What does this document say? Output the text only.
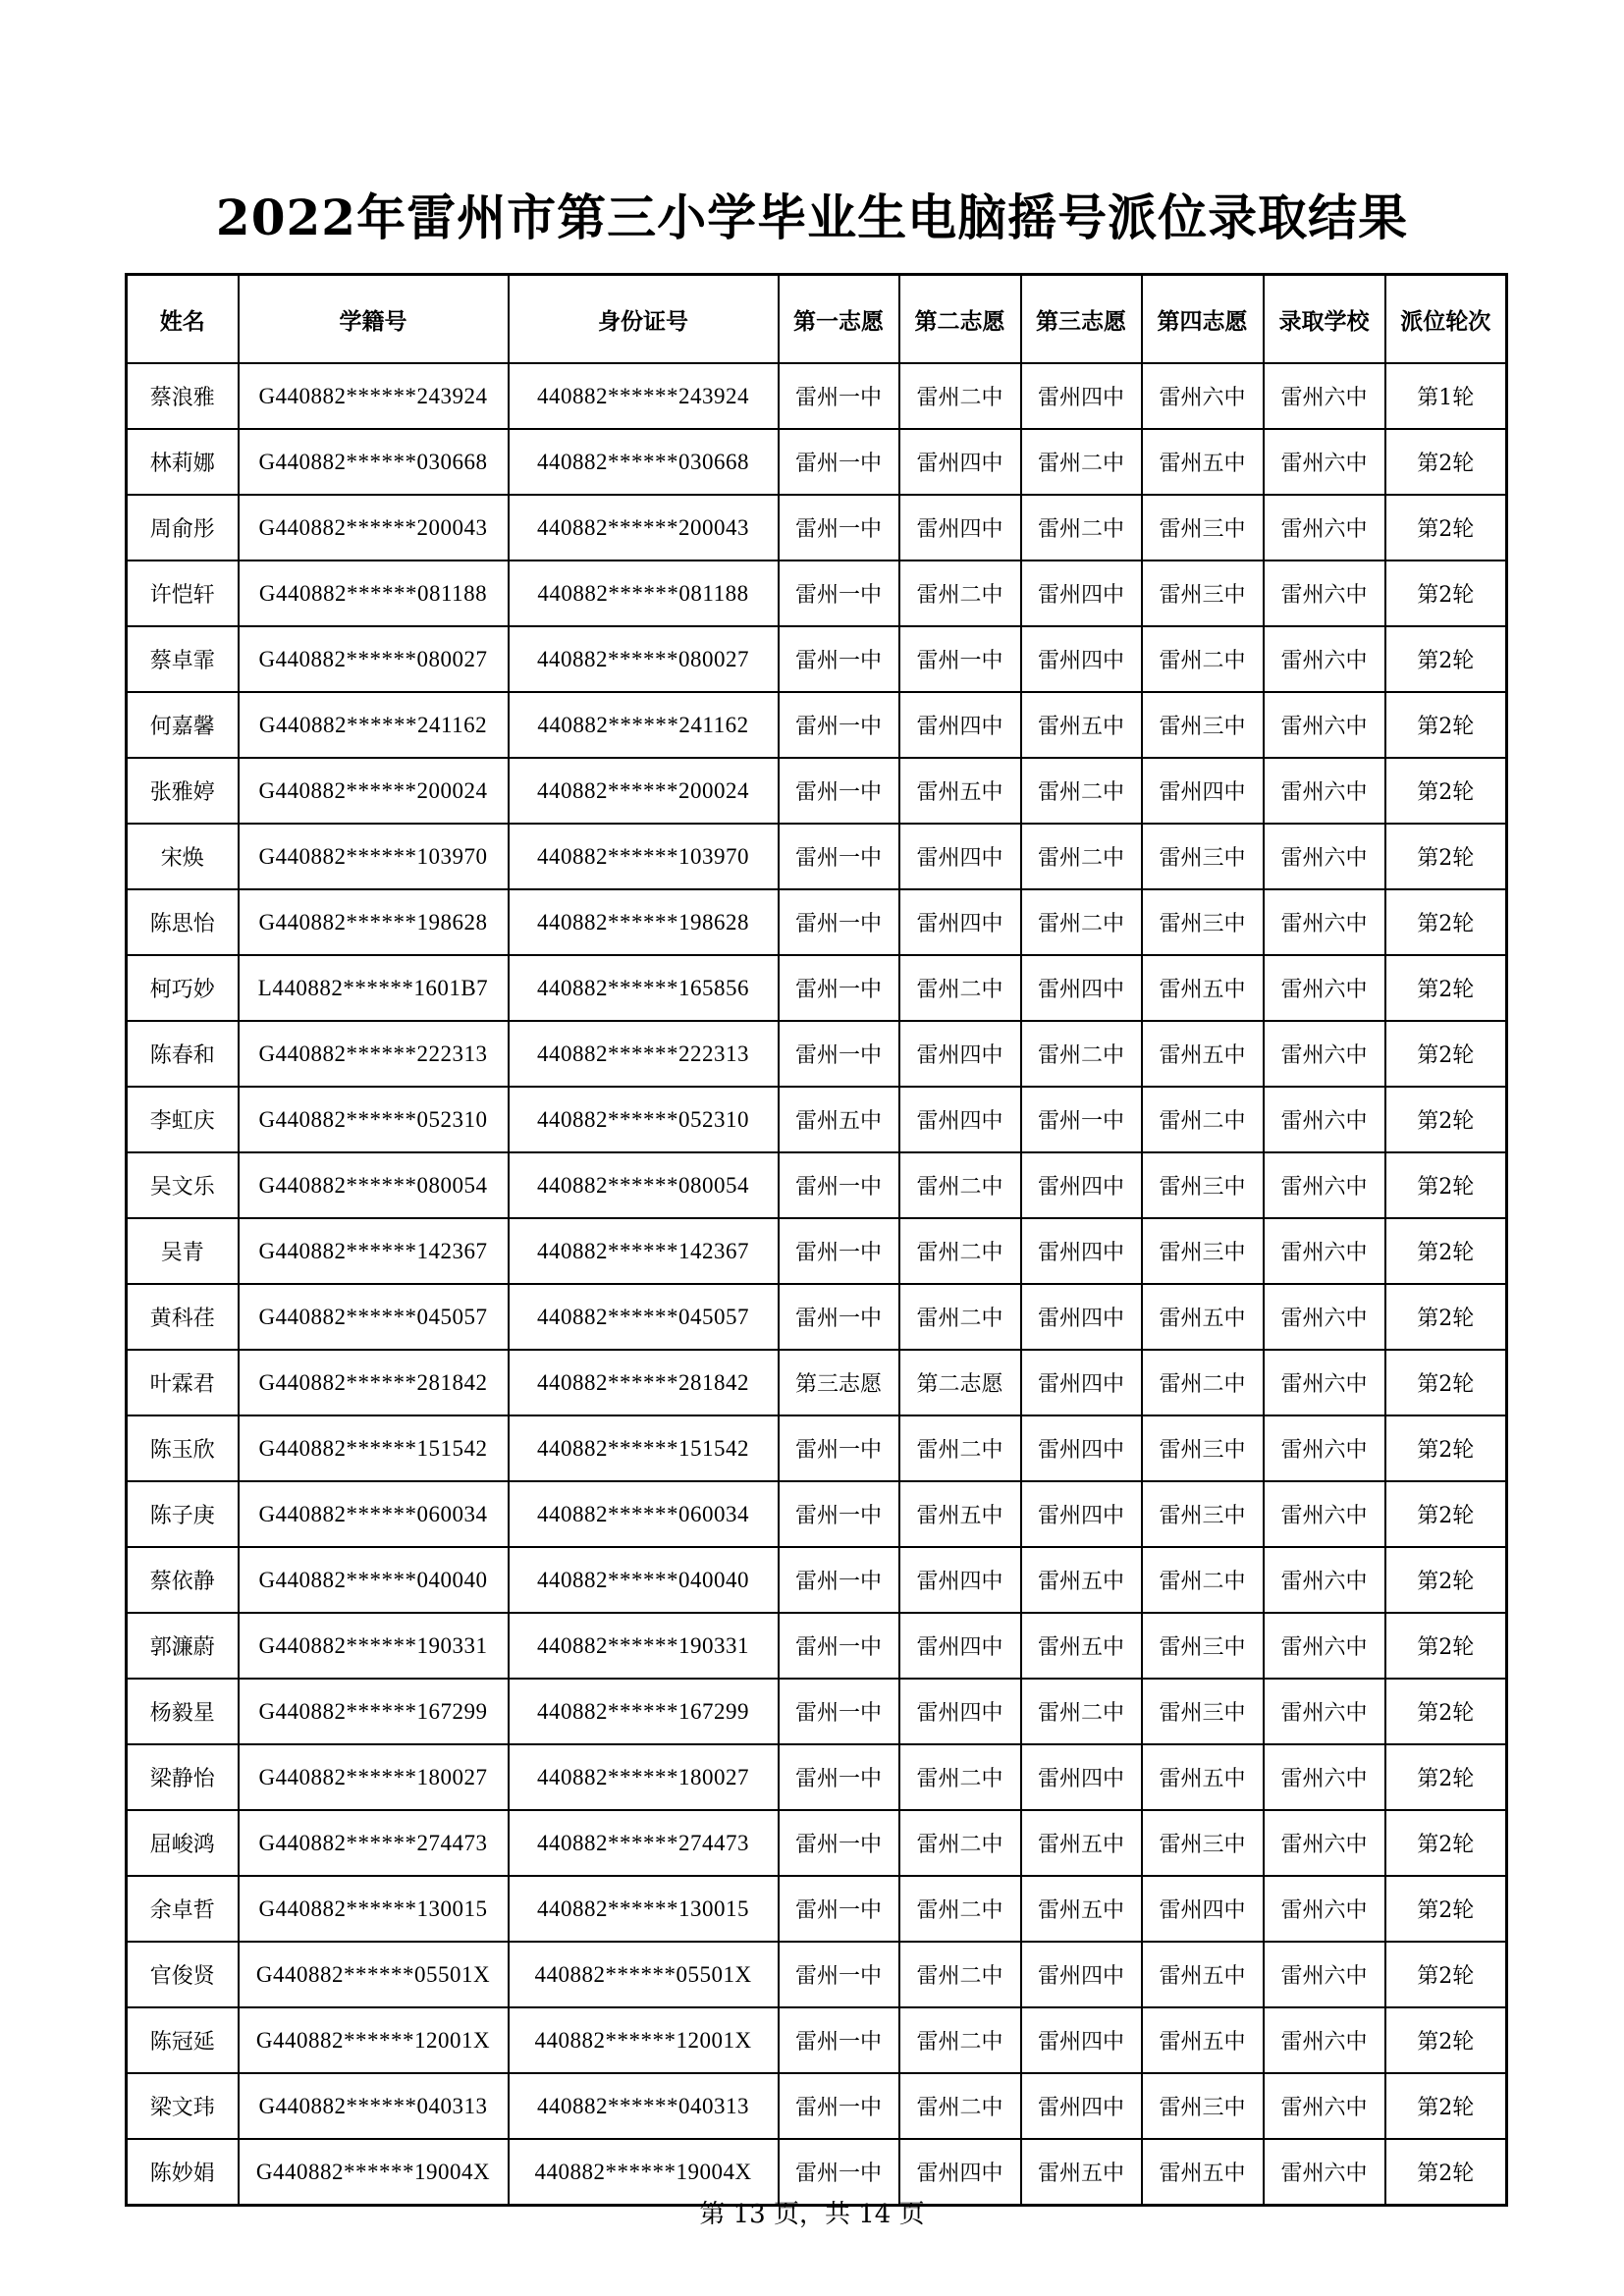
2022年雷州市第三小学毕业生电脑摇号派位录取结果
姓名	学籍号	身份证号	第一志愿	第二志愿	第三志愿	第四志愿	录取学校	派位轮次
蔡浪雅	G440882******243924	440882******243924	雷州一中	雷州二中	雷州四中	雷州六中	雷州六中	第1轮
林莉娜	G440882******030668	440882******030668	雷州一中	雷州四中	雷州二中	雷州五中	雷州六中	第2轮
周俞彤	G440882******200043	440882******200043	雷州一中	雷州四中	雷州二中	雷州三中	雷州六中	第2轮
许恺轩	G440882******081188	440882******081188	雷州一中	雷州二中	雷州四中	雷州三中	雷州六中	第2轮
蔡卓霏	G440882******080027	440882******080027	雷州一中	雷州一中	雷州四中	雷州二中	雷州六中	第2轮
何嘉馨	G440882******241162	440882******241162	雷州一中	雷州四中	雷州五中	雷州三中	雷州六中	第2轮
张雅婷	G440882******200024	440882******200024	雷州一中	雷州五中	雷州二中	雷州四中	雷州六中	第2轮
宋焕	G440882******103970	440882******103970	雷州一中	雷州四中	雷州二中	雷州三中	雷州六中	第2轮
陈思怡	G440882******198628	440882******198628	雷州一中	雷州四中	雷州二中	雷州三中	雷州六中	第2轮
柯巧妙	L440882******1601B7	440882******165856	雷州一中	雷州二中	雷州四中	雷州五中	雷州六中	第2轮
陈春和	G440882******222313	440882******222313	雷州一中	雷州四中	雷州二中	雷州五中	雷州六中	第2轮
李虹庆	G440882******052310	440882******052310	雷州五中	雷州四中	雷州一中	雷州二中	雷州六中	第2轮
吴文乐	G440882******080054	440882******080054	雷州一中	雷州二中	雷州四中	雷州三中	雷州六中	第2轮
吴青	G440882******142367	440882******142367	雷州一中	雷州二中	雷州四中	雷州三中	雷州六中	第2轮
黄科荏	G440882******045057	440882******045057	雷州一中	雷州二中	雷州四中	雷州五中	雷州六中	第2轮
叶霖君	G440882******281842	440882******281842	第三志愿	第二志愿	雷州四中	雷州二中	雷州六中	第2轮
陈玉欣	G440882******151542	440882******151542	雷州一中	雷州二中	雷州四中	雷州三中	雷州六中	第2轮
陈子庚	G440882******060034	440882******060034	雷州一中	雷州五中	雷州四中	雷州三中	雷州六中	第2轮
蔡依静	G440882******040040	440882******040040	雷州一中	雷州四中	雷州五中	雷州二中	雷州六中	第2轮
郭濂蔚	G440882******190331	440882******190331	雷州一中	雷州四中	雷州五中	雷州三中	雷州六中	第2轮
杨毅星	G440882******167299	440882******167299	雷州一中	雷州四中	雷州二中	雷州三中	雷州六中	第2轮
梁静怡	G440882******180027	440882******180027	雷州一中	雷州二中	雷州四中	雷州五中	雷州六中	第2轮
屈峻鸿	G440882******274473	440882******274473	雷州一中	雷州二中	雷州五中	雷州三中	雷州六中	第2轮
余卓哲	G440882******130015	440882******130015	雷州一中	雷州二中	雷州五中	雷州四中	雷州六中	第2轮
官俊贤	G440882******05501X	440882******05501X	雷州一中	雷州二中	雷州四中	雷州五中	雷州六中	第2轮
陈冠延	G440882******12001X	440882******12001X	雷州一中	雷州二中	雷州四中	雷州五中	雷州六中	第2轮
梁文玮	G440882******040313	440882******040313	雷州一中	雷州二中	雷州四中	雷州三中	雷州六中	第2轮
陈妙娟	G440882******19004X	440882******19004X	雷州一中	雷州四中	雷州五中	雷州五中	雷州六中	第2轮
第 13 页，共 14 页
